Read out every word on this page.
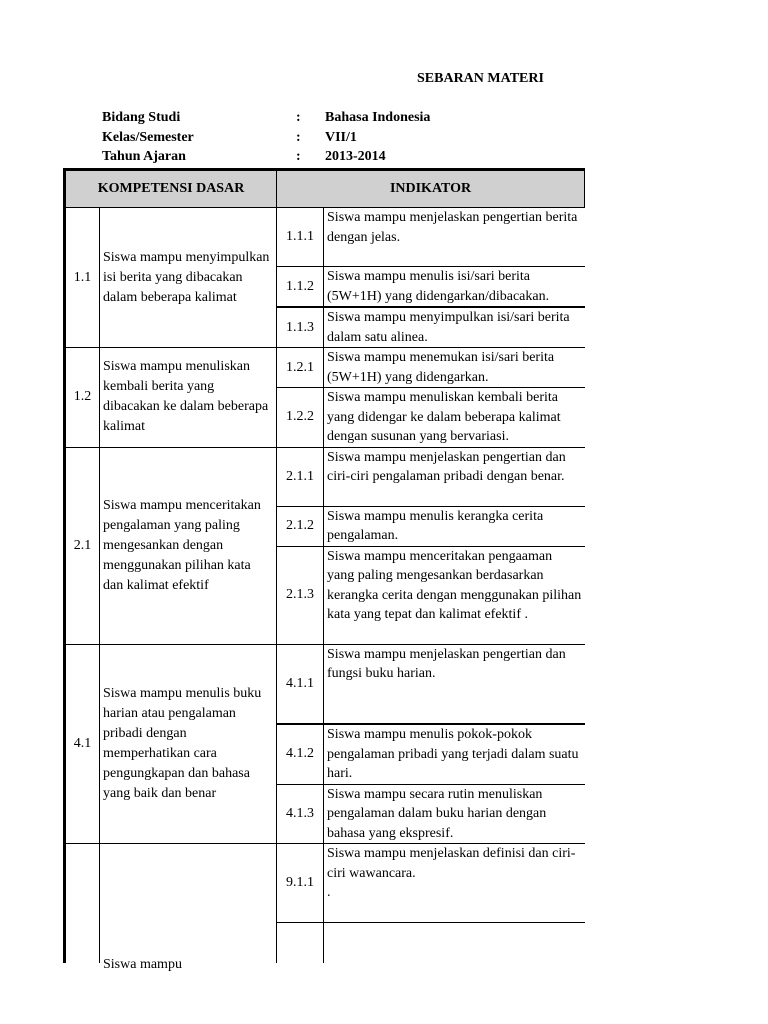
SEBARAN MATERI
Bidang Studi	: Bahasa Indonesia
Kelas/Semester	: VII/1
Tahun Ajaran	: 2013-2014
KOMPETENSI DASAR		INDIKATOR	
1.1	Siswa mampu menyimpulkan isi berita yang dibacakan dalam beberapa kalimat	1.1.1	Siswa mampu menjelaskan pengertian berita dengan jelas.
		1.1.2	Siswa mampu menulis isi/sari berita (5W+1H) yang didengarkan/dibacakan.
		1.1.3	Siswa mampu menyimpulkan isi/sari berita dalam satu alinea.
1.2	Siswa mampu menuliskan kembali berita yang dibacakan ke dalam beberapa kalimat	1.2.1	Siswa mampu menemukan isi/sari berita (5W+1H) yang didengarkan.
		1.2.2	Siswa mampu menuliskan kembali berita yang didengar ke dalam beberapa kalimat dengan susunan yang bervariasi.
2.1	Siswa mampu menceritakan pengalaman yang paling mengesankan dengan menggunakan pilihan kata dan kalimat efektif	2.1.1	Siswa mampu menjelaskan pengertian dan ciri-ciri pengalaman pribadi dengan benar.
		2.1.2	Siswa mampu menulis kerangka cerita pengalaman.
		2.1.3	Siswa mampu menceritakan pengaaman yang paling mengesankan berdasarkan kerangka cerita dengan menggunakan pilihan kata yang tepat dan kalimat efektif .
4.1	Siswa mampu menulis buku harian atau pengalaman pribadi dengan memperhatikan cara pengungkapan dan bahasa yang baik dan benar	4.1.1	Siswa mampu menjelaskan pengertian dan fungsi buku harian.
		4.1.2	Siswa mampu menulis pokok-pokok pengalaman pribadi yang terjadi dalam suatu hari.
		4.1.3	Siswa mampu secara rutin menuliskan pengalaman dalam buku harian dengan bahasa yang ekspresif.

	Siswa mampu	9.1.1	Siswa mampu menjelaskan definisi dan ciri-ciri wawancara.
.
